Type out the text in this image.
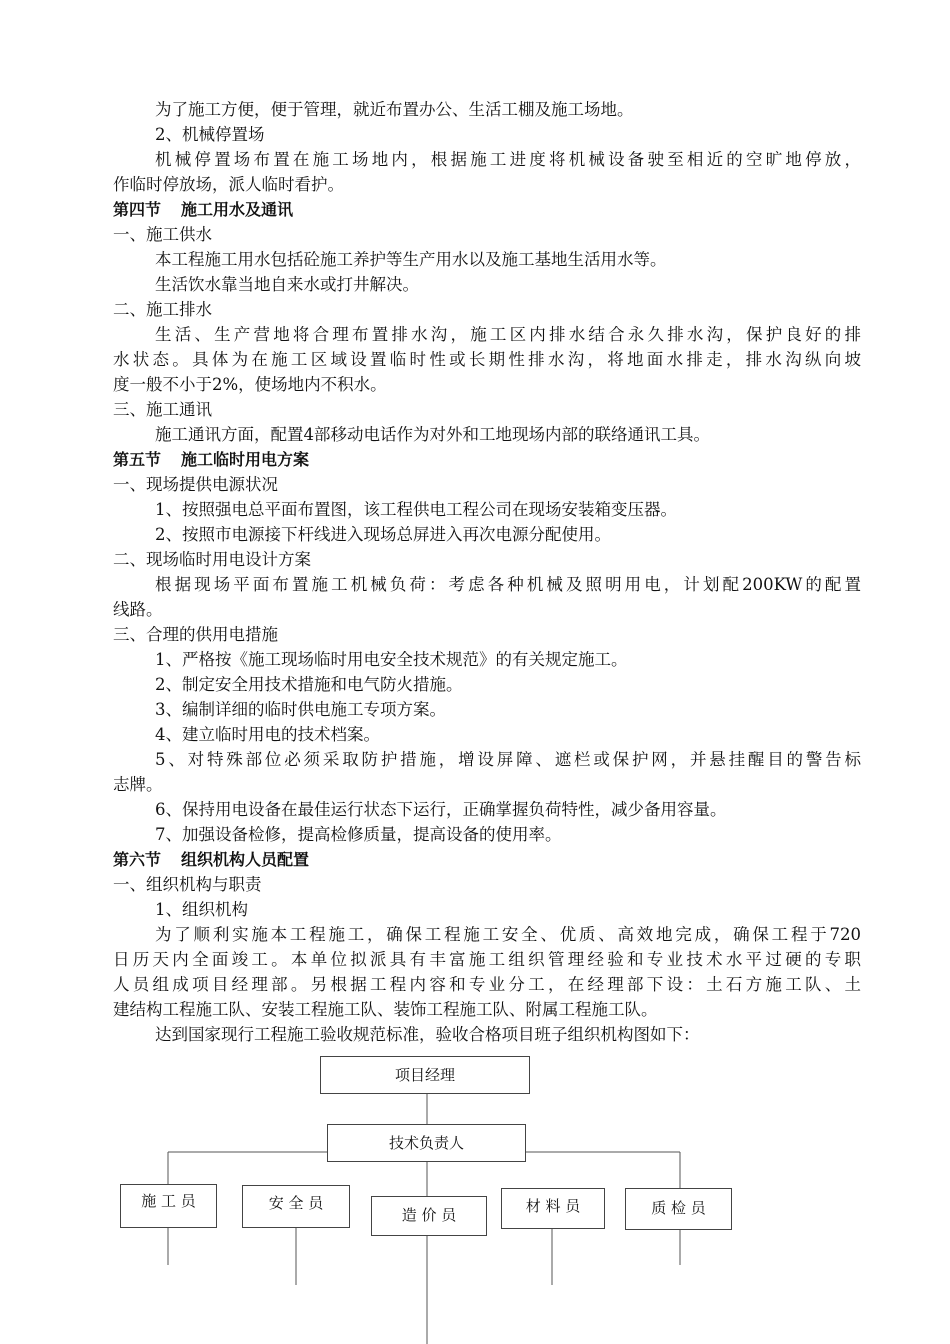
为了施工方便，便于管理，就近布置办公、生活工棚及施工场地。
2、机械停置场
机械停置场布置在施工场地内，根据施工进度将机械设备驶至相近的空旷地停放，
作临时停放场，派人临时看护。
第四节 施工用水及通讯
一、施工供水
本工程施工用水包括砼施工养护等生产用水以及施工基地生活用水等。
生活饮水靠当地自来水或打井解决。
二、施工排水
生活、生产营地将合理布置排水沟，施工区内排水结合永久排水沟，保护良好的排
水状态。具体为在施工区域设置临时性或长期性排水沟，将地面水排走，排水沟纵向坡
度一般不小于2%，使场地内不积水。
三、施工通讯
施工通讯方面，配置4部移动电话作为对外和工地现场内部的联络通讯工具。
第五节 施工临时用电方案
一、现场提供电源状况
1、按照强电总平面布置图，该工程供电工程公司在现场安装箱变压器。
2、按照市电源接下杆线进入现场总屏进入再次电源分配使用。
二、现场临时用电设计方案
根据现场平面布置施工机械负荷：考虑各种机械及照明用电，计划配200KW的配置
线路。
三、合理的供用电措施
1、严格按《施工现场临时用电安全技术规范》的有关规定施工。
2、制定安全用技术措施和电气防火措施。
3、编制详细的临时供电施工专项方案。
4、建立临时用电的技术档案。
5、对特殊部位必须采取防护措施，增设屏障、遮栏或保护网，并悬挂醒目的警告标
志牌。
6、保持用电设备在最佳运行状态下运行，正确掌握负荷特性，减少备用容量。
7、加强设备检修，提高检修质量，提高设备的使用率。
第六节 组织机构人员配置
一、组织机构与职责
1、组织机构
为了顺利实施本工程施工，确保工程施工安全、优质、高效地完成，确保工程于720
日历天内全面竣工。本单位拟派具有丰富施工组织管理经验和专业技术水平过硬的专职
人员组成项目经理部。另根据工程内容和专业分工，在经理部下设：土石方施工队、土
建结构工程施工队、安装工程施工队、装饰工程施工队、附属工程施工队。
达到国家现行工程施工验收规范标准，验收合格项目班子组织机构图如下：
项目经理
技术负责人
施 工 员	安 全 员
造 价 员	材 料 员	质 检 员
